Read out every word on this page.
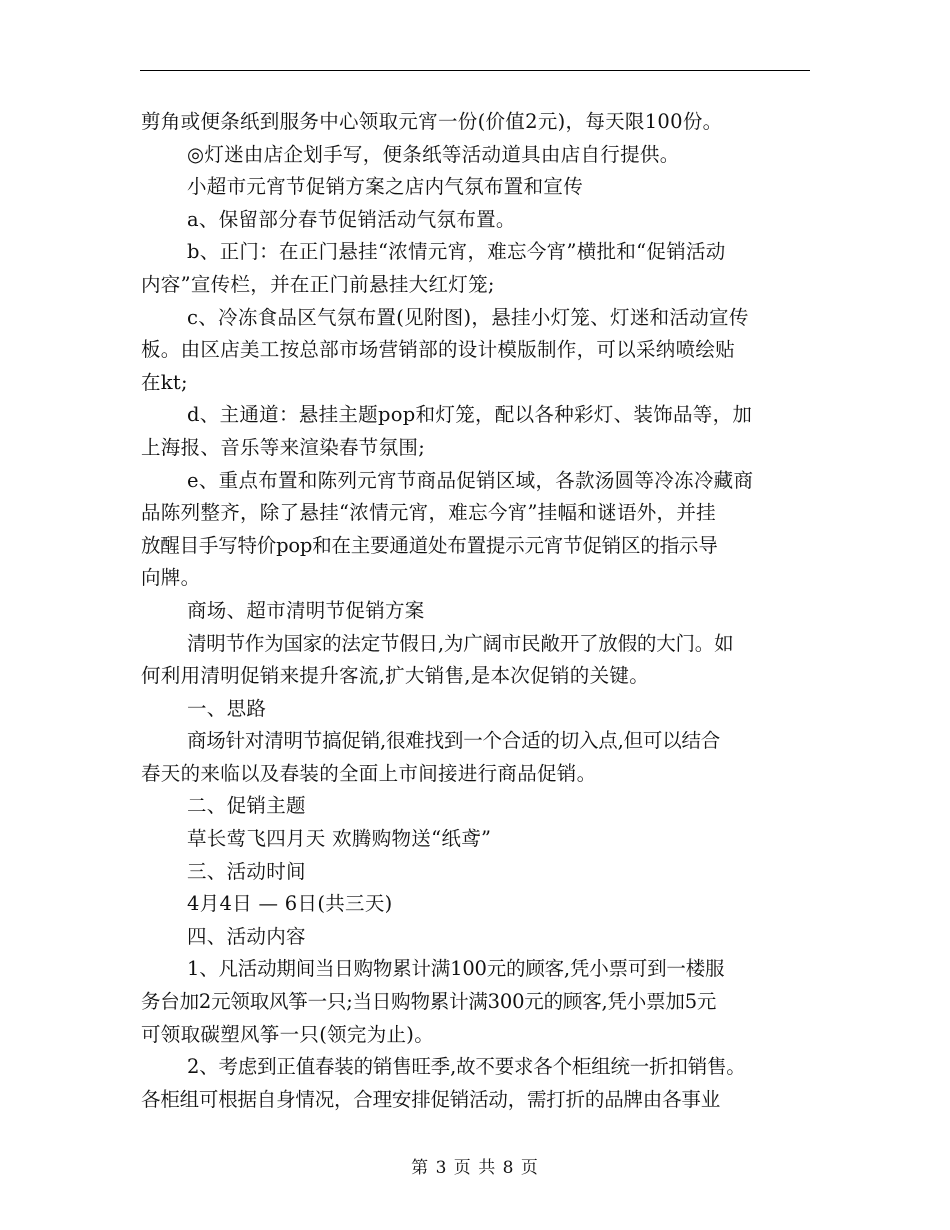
剪角或便条纸到服务中心领取元宵一份(价值2元)，每天限100份。
◎灯迷由店企划手写，便条纸等活动道具由店自行提供。
小超市元宵节促销方案之店内气氛布置和宣传
a、保留部分春节促销活动气氛布置。
b、正门：在正门悬挂“浓情元宵，难忘今宵”横批和“促销活动
内容”宣传栏，并在正门前悬挂大红灯笼;
c、冷冻食品区气氛布置(见附图)，悬挂小灯笼、灯迷和活动宣传
板。由区店美工按总部市场营销部的设计模版制作，可以采纳喷绘贴
在kt;
d、主通道：悬挂主题pop和灯笼，配以各种彩灯、装饰品等，加
上海报、音乐等来渲染春节氛围;
e、重点布置和陈列元宵节商品促销区域，各款汤圆等冷冻冷藏商
品陈列整齐，除了悬挂“浓情元宵，难忘今宵”挂幅和谜语外，并挂
放醒目手写特价pop和在主要通道处布置提示元宵节促销区的指示导
向牌。
商场、超市清明节促销方案
清明节作为国家的法定节假日,为广阔市民敞开了放假的大门。如
何利用清明促销来提升客流,扩大销售,是本次促销的关键。
一、思路
商场针对清明节搞促销,很难找到一个合适的切入点,但可以结合
春天的来临以及春装的全面上市间接进行商品促销。
二、促销主题
草长莺飞四月天 欢腾购物送“纸鸢”
三、活动时间
4月4日 — 6日(共三天)
四、活动内容
1、凡活动期间当日购物累计满100元的顾客,凭小票可到一楼服
务台加2元领取风筝一只;当日购物累计满300元的顾客,凭小票加5元
可领取碳塑风筝一只(领完为止)。
2、考虑到正值春装的销售旺季,故不要求各个柜组统一折扣销售。
各柜组可根据自身情况，合理安排促销活动，需打折的品牌由各事业
第 3 页 共 8 页
